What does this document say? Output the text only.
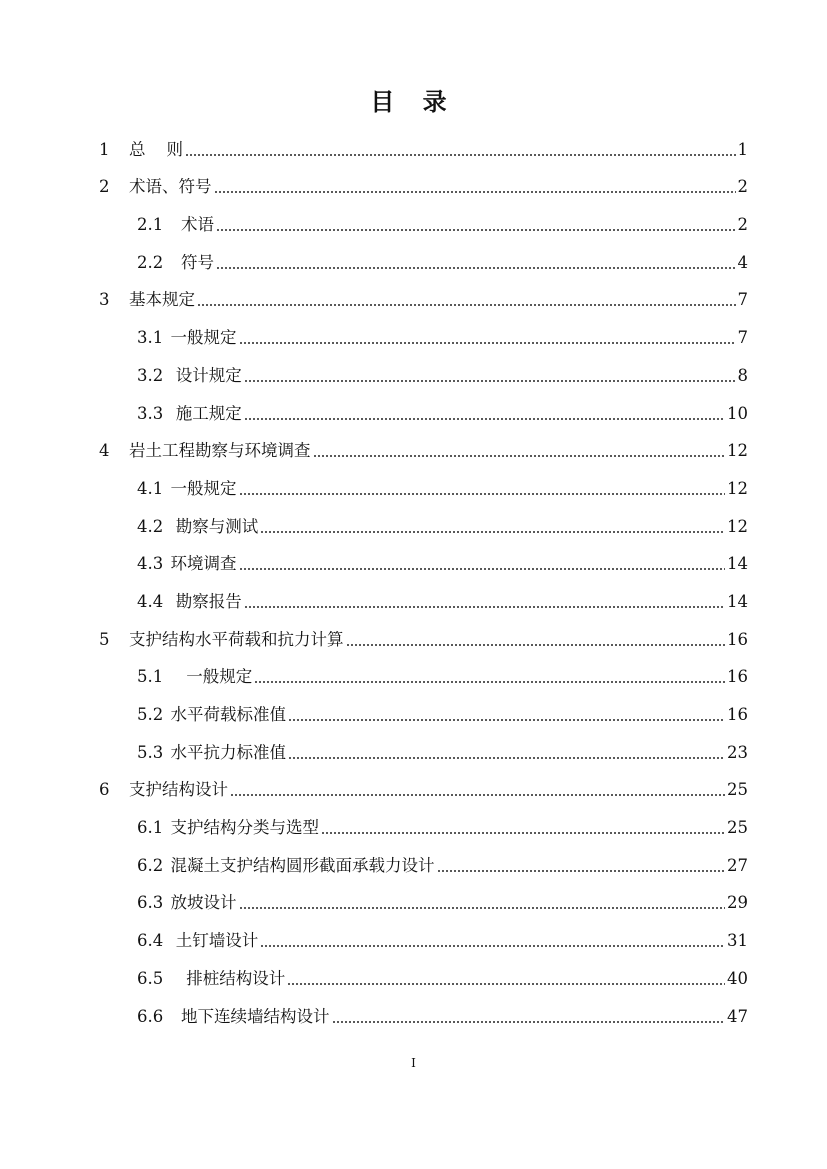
目 录
1	总    则	1
2	术语、符号	2
2.1 术语	2
2.2 符号	4
3	基本规定	7
3.1 一般规定	7
3.2 设计规定	8
3.3 施工规定	10
4	岩土工程勘察与环境调查	12
4.1 一般规定	12
4.2 勘察与测试	12
4.3 环境调查	14
4.4 勘察报告	14
5	支护结构水平荷载和抗力计算	16
5.1 一般规定	16
5.2 水平荷载标准值	16
5.3 水平抗力标准值	23
6	支护结构设计	25
6.1 支护结构分类与选型	25
6.2 混凝土支护结构圆形截面承载力设计	27
6.3 放坡设计	29
6.4 土钉墙设计	31
6.5 排桩结构设计	40
6.6 地下连续墙结构设计	47
I
